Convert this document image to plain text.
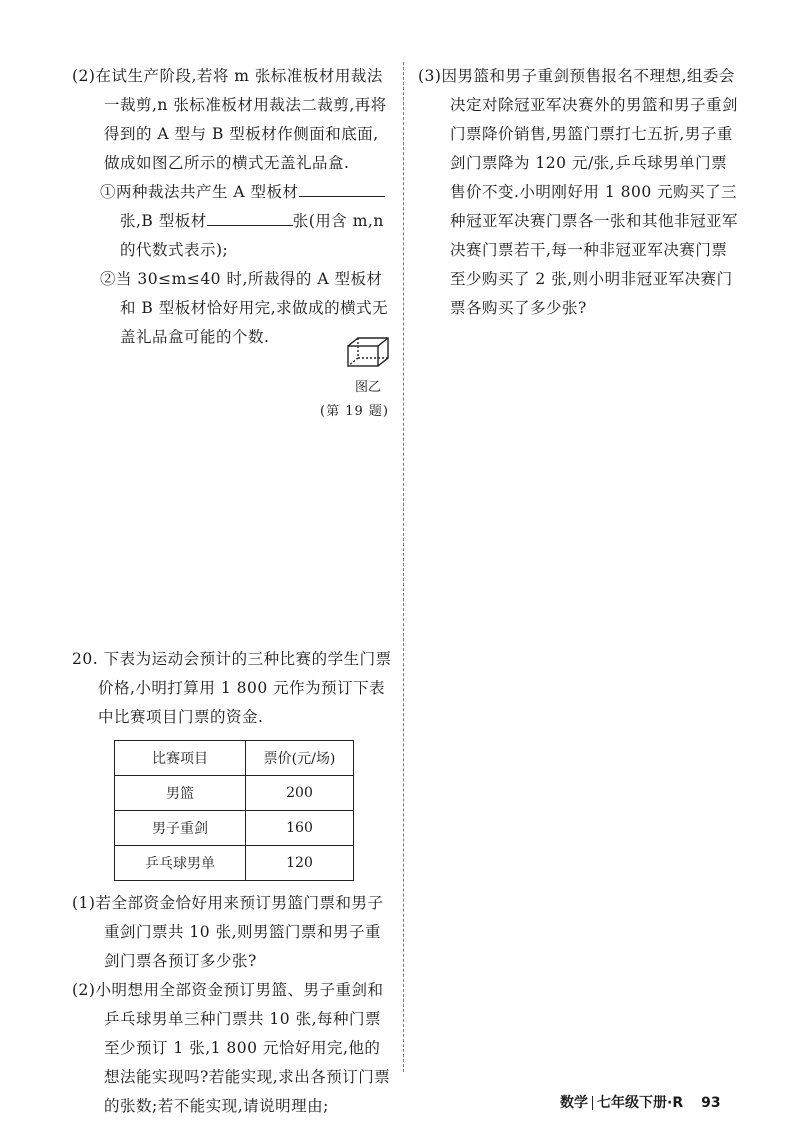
(2)在试生产阶段,若将 m 张标准板材用裁法一裁剪,n 张标准板材用裁法二裁剪,再将得到的 A 型与 B 型板材作侧面和底面,做成如图乙所示的横式无盖礼品盒.

①两种裁法共产生 A 型板材张,B 型板材	张(用含 m,n 的代数式表示);

②当 30≤m≤40 时,所裁得的 A 型板材和 B 型板材恰好用完,求做成的横式无盖礼品盒可能的个数.

图乙
(第 19 题)

(3)因男篮和男子重剑预售报名不理想,组委会决定对除冠亚军决赛外的男篮和男子重剑门票降价销售,男篮门票打七五折,男子重剑门票降为 120 元/张,乒乓球男单门票售价不变.小明刚好用 1 800 元购买了三种冠亚军决赛门票各一张和其他非冠亚军决赛门票若干,每一种非冠亚军决赛门票至少购买了 2 张,则小明非冠亚军决赛门票各购买了多少张?

20. 下表为运动会预计的三种比赛的学生门票价格,小明打算用 1 800 元作为预订下表中比赛项目门票的资金.

比赛项目	票价(元/场)
男篮	200
男子重剑	160
乒乓球男单	120

(1)若全部资金恰好用来预订男篮门票和男子重剑门票共 10 张,则男篮门票和男子重剑门票各预订多少张?

(2)小明想用全部资金预订男篮、男子重剑和乒乓球男单三种门票共 10 张,每种门票至少预订 1 张,1 800 元恰好用完,他的想法能实现吗?若能实现,求出各预订门票的张数;若不能实现,请说明理由;	数学 七年级下册·R 93
